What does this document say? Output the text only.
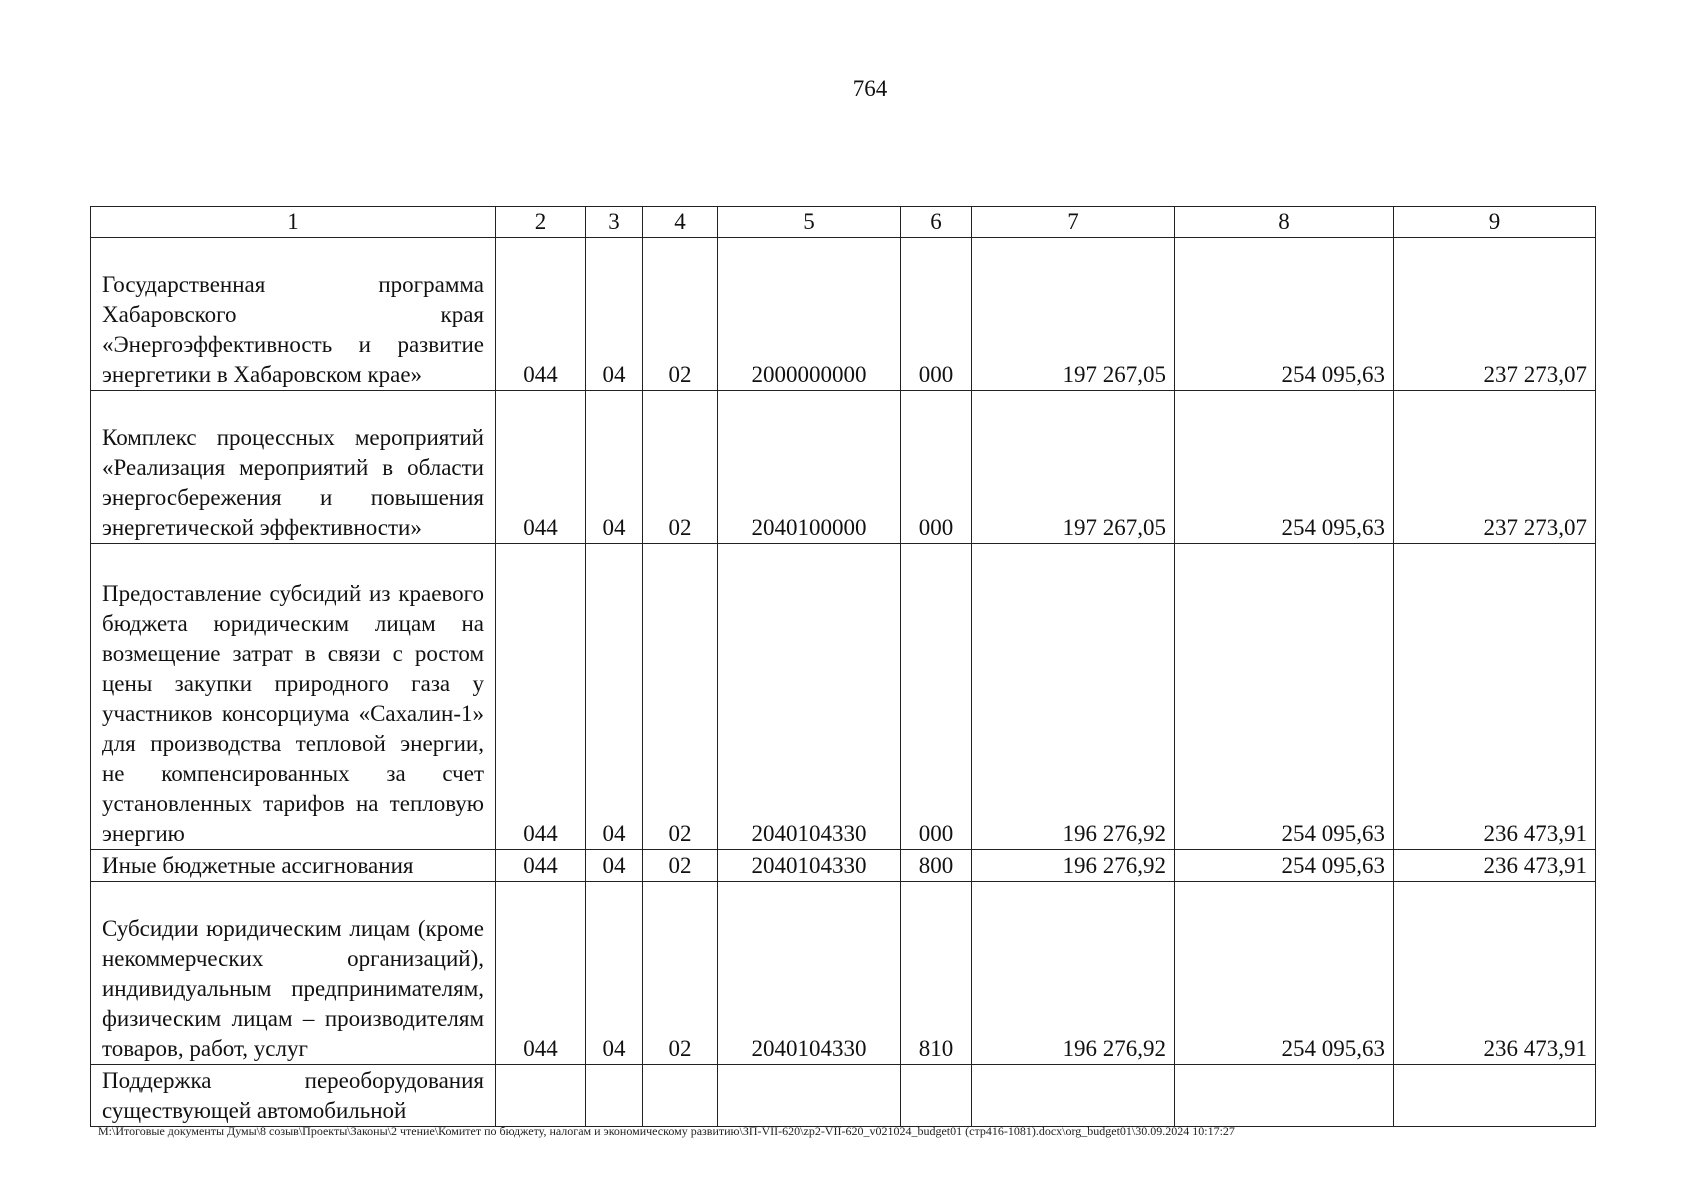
764
1	2	3	4	5	6	7	8	9
Государственная программа Хабаровского края «Энергоэффективность и развитие энергетики в Хабаровском крае»	044	04	02	2000000000	000	197 267,05	254 095,63	237 273,07
Комплекс процессных мероприятий «Реализация мероприятий в области энергосбережения и повышения энергетической эффективности»	044	04	02	2040100000	000	197 267,05	254 095,63	237 273,07
Предоставление субсидий из краевого бюджета юридическим лицам на возмещение затрат в связи с ростом цены закупки природного газа у участников консорциума «Сахалин-1» для производства тепловой энергии, не компенсированных за счет установленных тарифов на тепловую энергию	044	04	02	2040104330	000	196 276,92	254 095,63	236 473,91
Иные бюджетные ассигнования	044	04	02	2040104330	800	196 276,92	254 095,63	236 473,91
Субсидии юридическим лицам (кроме некоммерческих организаций), индивидуальным предпринимателям, физическим лицам – производителям товаров, работ, услуг	044	04	02	2040104330	810	196 276,92	254 095,63	236 473,91
Поддержка переоборудования существующей автомобильной								
M:\Итоговые документы Думы\8 созыв\Проекты\Законы\2 чтение\Комитет по бюджету, налогам и экономическому развитию\ЗП-VII-620\zp2-VII-620_v021024_budget01 (стр416-1081).docx\org_budget01\30.09.2024 10:17:27
